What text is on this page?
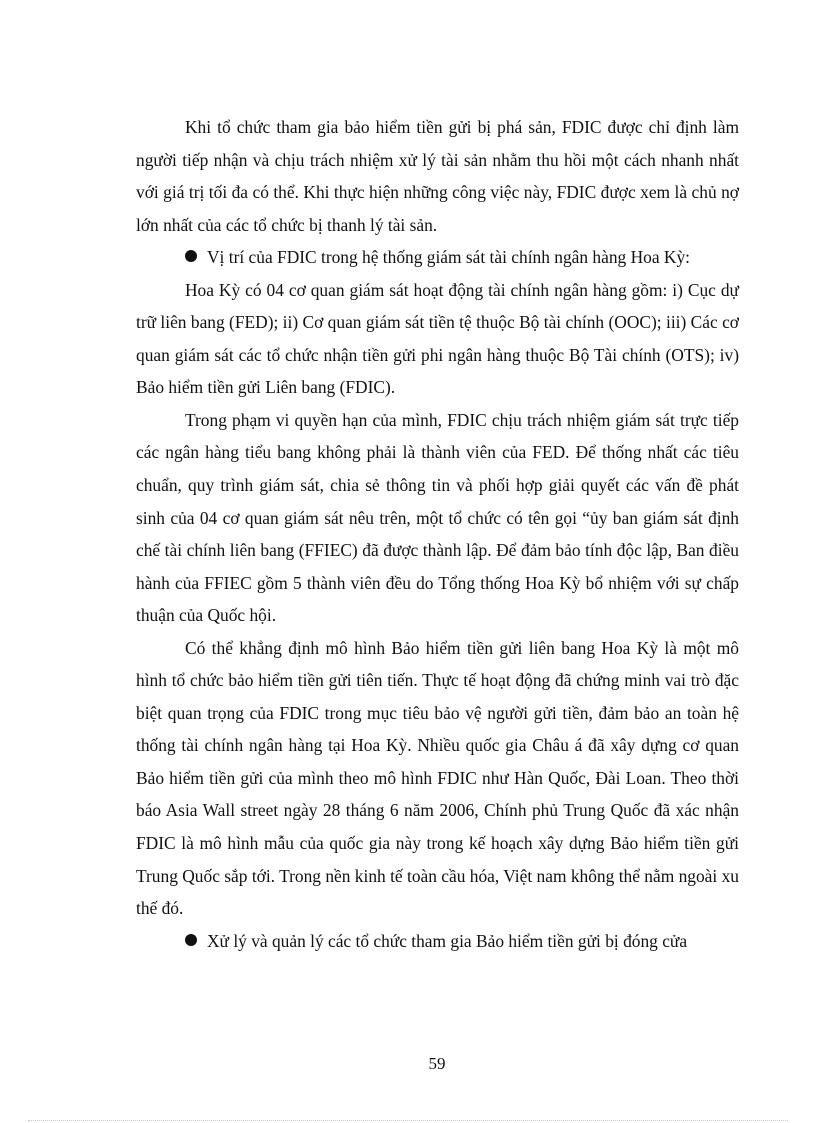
Khi tổ chức tham gia bảo hiểm tiền gửi bị phá sản, FDIC được chỉ định làm người tiếp nhận và chịu trách nhiệm xử lý tài sản nhằm thu hồi một cách nhanh nhất với giá trị tối đa có thể. Khi thực hiện những công việc này, FDIC được xem là chủ nợ lớn nhất của các tổ chức bị thanh lý tài sản.

Vị trí của FDIC trong hệ thống giám sát tài chính ngân hàng Hoa Kỳ:

Hoa Kỳ có 04 cơ quan giám sát hoạt động tài chính ngân hàng gồm: i) Cục dự trữ liên bang (FED); ii) Cơ quan giám sát tiền tệ thuộc Bộ tài chính (OOC); iii) Các cơ quan giám sát các tổ chức nhận tiền gửi phi ngân hàng thuộc Bộ Tài chính (OTS); iv) Bảo hiểm tiền gửi Liên bang (FDIC).

Trong phạm vi quyền hạn của mình, FDIC chịu trách nhiệm giám sát trực tiếp các ngân hàng tiểu bang không phải là thành viên của FED. Để thống nhất các tiêu chuẩn, quy trình giám sát, chia sẻ thông tin và phối hợp giải quyết các vấn đề phát sinh của 04 cơ quan giám sát nêu trên, một tổ chức có tên gọi “ủy ban giám sát định chế tài chính liên bang (FFIEC) đã được thành lập. Để đảm bảo tính độc lập, Ban điều hành của FFIEC gồm 5 thành viên đều do Tổng thống Hoa Kỳ bổ nhiệm với sự chấp thuận của Quốc hội.

Có thể khẳng định mô hình Bảo hiểm tiền gửi liên bang Hoa Kỳ là một mô hình tổ chức bảo hiểm tiền gửi tiên tiến. Thực tế hoạt động đã chứng minh vai trò đặc biệt quan trọng của FDIC trong mục tiêu bảo vệ người gửi tiền, đảm bảo an toàn hệ thống tài chính ngân hàng tại Hoa Kỳ. Nhiều quốc gia Châu á đã xây dựng cơ quan Bảo hiểm tiền gửi của mình theo mô hình FDIC như Hàn Quốc, Đài Loan. Theo thời báo Asia Wall street ngày 28 tháng 6 năm 2006, Chính phủ Trung Quốc đã xác nhận FDIC là mô hình mẫu của quốc gia này trong kế hoạch xây dựng Bảo hiểm tiền gửi Trung Quốc sắp tới. Trong nền kinh tế toàn cầu hóa, Việt nam không thể nằm ngoài xu thế đó.

Xử lý và quản lý các tổ chức tham gia Bảo hiểm tiền gửi bị đóng cửa

59
